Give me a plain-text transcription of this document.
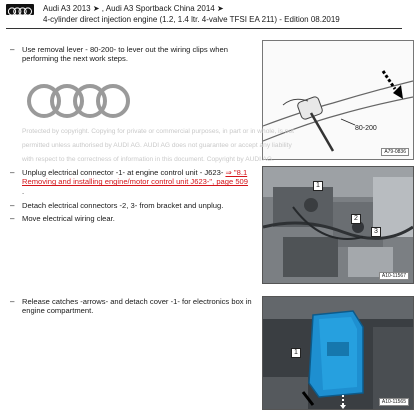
Audi A3 2013 ➤ , Audi A3 Sportback China 2014 ➤
4-cylinder direct injection engine (1.2, 1.4 ltr. 4-valve TFSI EA 211) - Edition 08.2019
– Use removal lever - 80-200- to lever out the wiring clips when performing the next work steps.
80-200
A79-0836
Protected by copyright. Copying for private or commercial purposes, in part or in whole, is not
permitted unless authorised by AUDI AG. AUDI AG does not guarantee or accept any liability
with respect to the correctness of information in this document. Copyright by AUDI AG.
– Unplug electrical connector -1- at engine control unit - J623- ⇒ "8.1 Removing and installing engine/motor control unit J623-", page 509 .
– Detach electrical connectors -2, 3- from bracket and unplug.
– Move electrical wiring clear.
1
2
3
A10-11567
– Release catches -arrows- and detach cover -1- for electronics box in engine compartment.
1
A10-11565
